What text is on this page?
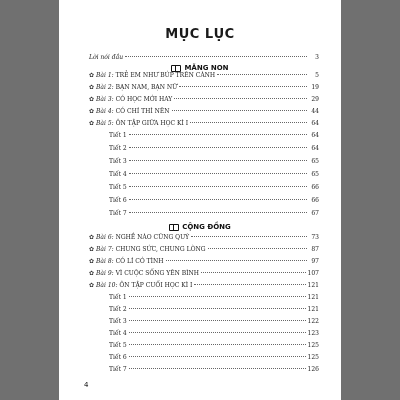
MỤC LỤC
Lời nói đầu	3
MĂNG NON
✿ Bài 1: TRẺ EM NHƯ BÚP TRÊN CÀNH	5
✿ Bài 2: BẠN NAM, BẠN NỮ	19
✿ Bài 3: CÓ HỌC MỚI HAY	29
✿ Bài 4: CÓ CHÍ THÌ NÊN	44
✿ Bài 5: ÔN TẬP GIỮA HỌC KÌ I	64
Tiết 1	64
Tiết 2	64
Tiết 3	65
Tiết 4	65
Tiết 5	66
Tiết 6	66
Tiết 7	67
CỘNG ĐỒNG
✿ Bài 6: NGHỀ NÀO CŨNG QUÝ	73
✿ Bài 7: CHUNG SỨC, CHUNG LÒNG	87
✿ Bài 8: CÓ LÍ CÓ TÌNH	97
✿ Bài 9: VÌ CUỘC SỐNG YÊN BÌNH	107
✿ Bài 10: ÔN TẬP CUỐI HỌC KÌ I	121
Tiết 1	121
Tiết 2	121
Tiết 3	122
Tiết 4	123
Tiết 5	125
Tiết 6	125
Tiết 7	126
4
